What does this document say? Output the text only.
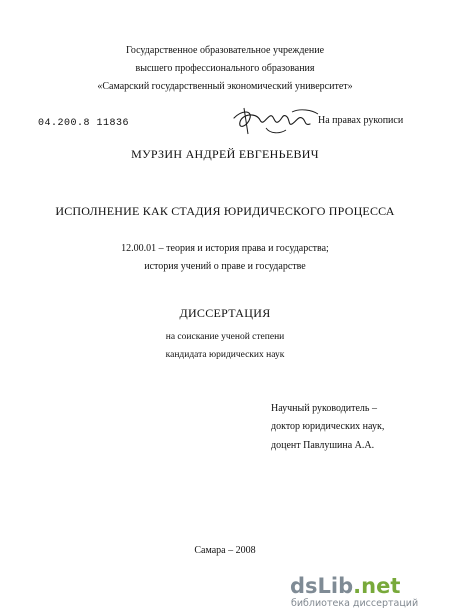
Государственное образовательное учреждение
высшего профессионального образования
«Самарский государственный экономический университет»
04.200.8 11836	На правах рукописи
МУРЗИН АНДРЕЙ ЕВГЕНЬЕВИЧ
ИСПОЛНЕНИЕ КАК СТАДИЯ ЮРИДИЧЕСКОГО ПРОЦЕССА
12.00.01 – теория и история права и государства;
история учений о праве и государстве
ДИССЕРТАЦИЯ
на соискание ученой степени
кандидата юридических наук
Научный руководитель –
доктор юридических наук,
доцент Павлушина А.А.
Самара – 2008
dsLib.net
библиотека диссертаций
